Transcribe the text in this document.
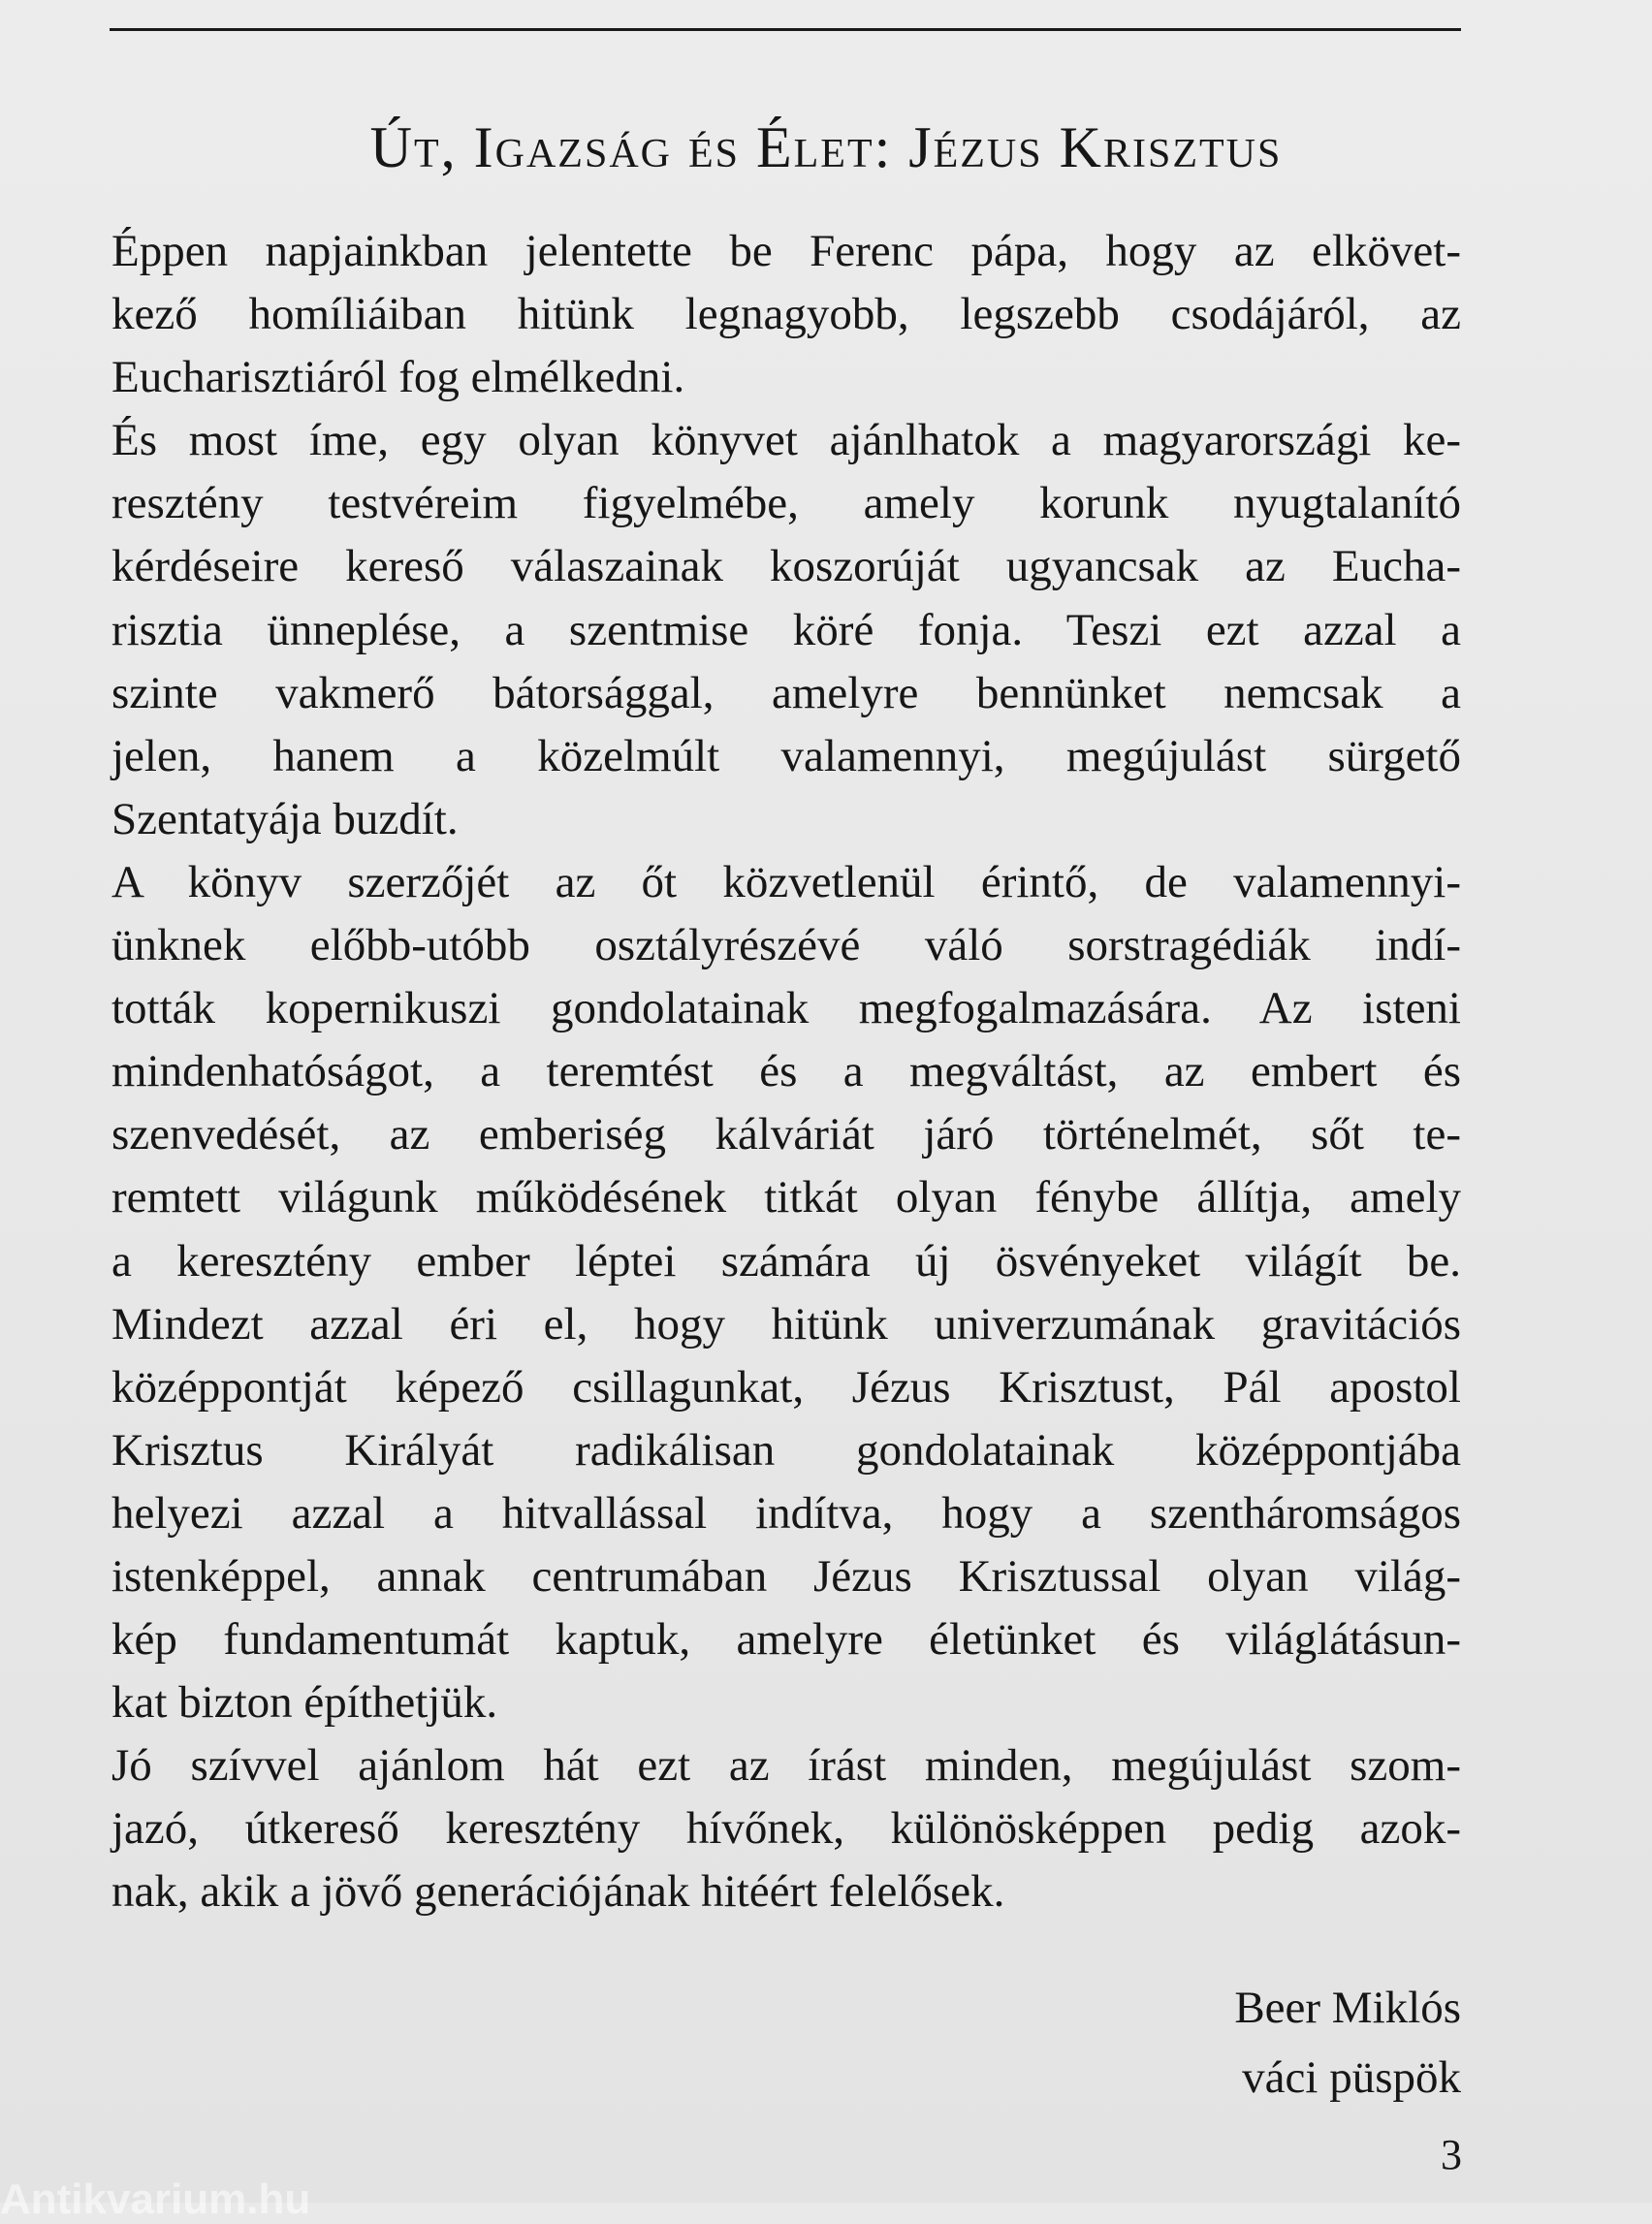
Út, Igazság és Élet: Jézus Krisztus
Éppen napjainkban jelentette be Ferenc pápa, hogy az elkövet-
kező homíliáiban hitünk legnagyobb, legszebb csodájáról, az
Eucharisztiáról fog elmélkedni.
És most íme, egy olyan könyvet ajánlhatok a magyarországi ke-
resztény testvéreim figyelmébe, amely korunk nyugtalanító
kérdéseire kereső válaszainak koszorúját ugyancsak az Eucha-
risztia ünneplése, a szentmise köré fonja. Teszi ezt azzal a
szinte vakmerő bátorsággal, amelyre bennünket nemcsak a
jelen, hanem a közelmúlt valamennyi, megújulást sürgető
Szentatyája buzdít.
A könyv szerzőjét az őt közvetlenül érintő, de valamennyi-
ünknek előbb-utóbb osztályrészévé váló sorstragédiák indí-
tották kopernikuszi gondolatainak megfogalmazására. Az isteni
mindenhatóságot, a teremtést és a megváltást, az embert és
szenvedését, az emberiség kálváriát járó történelmét, sőt te-
remtett világunk működésének titkát olyan fénybe állítja, amely
a keresztény ember léptei számára új ösvényeket világít be.
Mindezt azzal éri el, hogy hitünk univerzumának gravitációs
középpontját képező csillagunkat, Jézus Krisztust, Pál apostol
Krisztus Királyát radikálisan gondolatainak középpontjába
helyezi azzal a hitvallással indítva, hogy a szentháromságos
istenképpel, annak centrumában Jézus Krisztussal olyan világ-
kép fundamentumát kaptuk, amelyre életünket és világlátásun-
kat bizton építhetjük.
Jó szívvel ajánlom hát ezt az írást minden, megújulást szom-
jazó, útkereső keresztény hívőnek, különösképpen pedig azok-
nak, akik a jövő generációjának hitéért felelősek.
Beer Miklós
váci püspök
3
Antikvarium.hu
